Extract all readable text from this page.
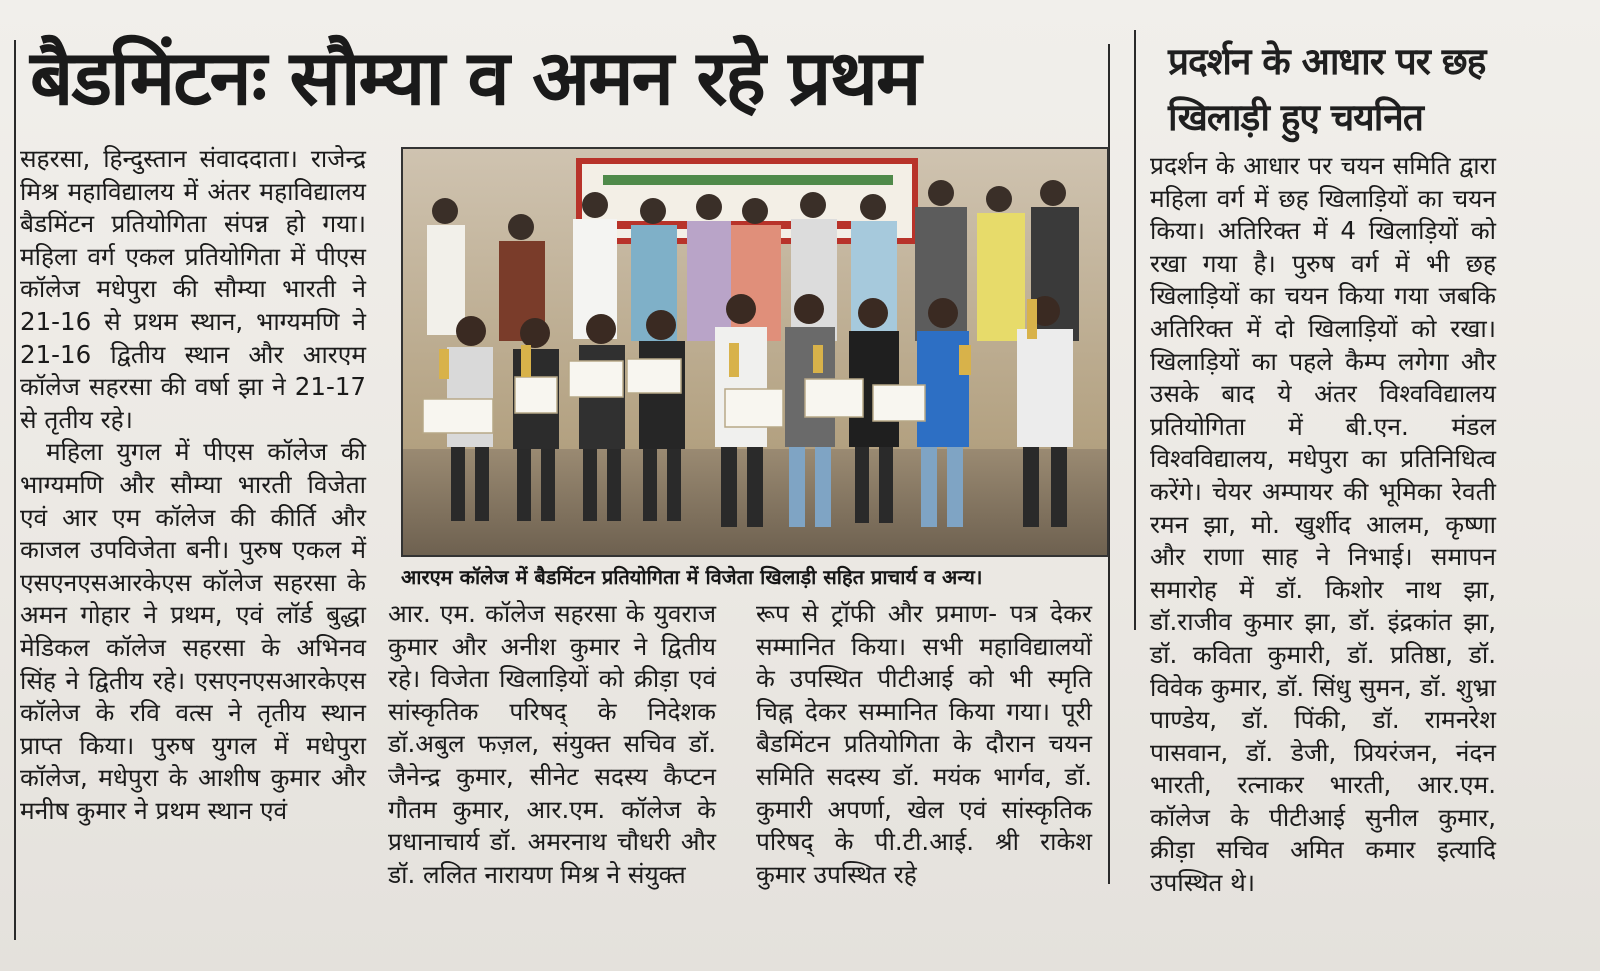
बैडमिंटनः सौम्या व अमन रहे प्रथम	प्रदर्शन के आधार पर छह खिलाड़ी हुए चयनित

सहरसा, हिन्दुस्तान संवाददाता। राजेन्द्र मिश्र महाविद्यालय में अंतर महाविद्यालय बैडमिंटन प्रतियोगिता संपन्न हो गया। महिला वर्ग एकल प्रतियोगिता में पीएस कॉलेज मधेपुरा की सौम्या भारती ने 21-16 से प्रथम स्थान, भाग्यमणि ने 21-16 द्वितीय स्थान और आरएम कॉलेज सहरसा की वर्षा झा ने 21-17 से तृतीय रहे।

महिला युगल में पीएस कॉलेज की भाग्यमणि और सौम्या भारती विजेता एवं आर एम कॉलेज की कीर्ति और काजल उपविजेता बनी। पुरुष एकल में एसएनएसआरकेएस कॉलेज सहरसा के अमन गोहार ने प्रथम, एवं लॉर्ड बुद्धा मेडिकल कॉलेज सहरसा के अभिनव सिंह ने द्वितीय रहे। एसएनएसआरकेएस कॉलेज के रवि वत्स ने तृतीय स्थान प्राप्त किया। पुरुष युगल में मधेपुरा कॉलेज, मधेपुरा के आशीष कुमार और मनीष कुमार ने प्रथम स्थान एवं

आरएम कॉलेज में बैडमिंटन प्रतियोगिता में विजेता खिलाड़ी सहित प्राचार्य व अन्य।

आर. एम. कॉलेज सहरसा के युवराज कुमार और अनीश कुमार ने द्वितीय रहे। विजेता खिलाड़ियों को क्रीड़ा एवं सांस्कृतिक परिषद् के निदेशक डॉ.अबुल फज़ल, संयुक्त सचिव डॉ. जैनेन्द्र कुमार, सीनेट सदस्य कैप्टन गौतम कुमार, आर.एम. कॉलेज के प्रधानाचार्य डॉ. अमरनाथ चौधरी और डॉ. ललित नारायण मिश्र ने संयुक्त

रूप से ट्रॉफी और प्रमाण- पत्र देकर सम्मानित किया। सभी महाविद्यालयों के उपस्थित पीटीआई को भी स्मृति चिह्न देकर सम्मानित किया गया। पूरी बैडमिंटन प्रतियोगिता के दौरान चयन समिति सदस्य डॉ. मयंक भार्गव, डॉ. कुमारी अपर्णा, खेल एवं सांस्कृतिक परिषद् के पी.टी.आई. श्री राकेश कुमार उपस्थित रहे

प्रदर्शन के आधार पर चयन समिति द्वारा महिला वर्ग में छह खिलाड़ियों का चयन किया। अतिरिक्त में 4 खिलाड़ियों को रखा गया है। पुरुष वर्ग में भी छह खिलाड़ियों का चयन किया गया जबकि अतिरिक्त में दो खिलाड़ियों को रखा। खिलाड़ियों का पहले कैम्प लगेगा और उसके बाद ये अंतर विश्वविद्यालय प्रतियोगिता में बी.एन. मंडल विश्वविद्यालय, मधेपुरा का प्रतिनिधित्व करेंगे। चेयर अम्पायर की भूमिका रेवती रमन झा, मो. खुर्शीद आलम, कृष्णा और राणा साह ने निभाई। समापन समारोह में डॉ. किशोर नाथ झा, डॉ.राजीव कुमार झा, डॉ. इंद्रकांत झा, डॉ. कविता कुमारी, डॉ. प्रतिष्ठा, डॉ. विवेक कुमार, डॉ. सिंधु सुमन, डॉ. शुभ्रा पाण्डेय, डॉ. पिंकी, डॉ. रामनरेश पासवान, डॉ. डेजी, प्रियरंजन, नंदन भारती, रत्नाकर भारती, आर.एम. कॉलेज के पीटीआई सुनील कुमार, क्रीड़ा सचिव अमित कमार इत्यादि उपस्थित थे।
